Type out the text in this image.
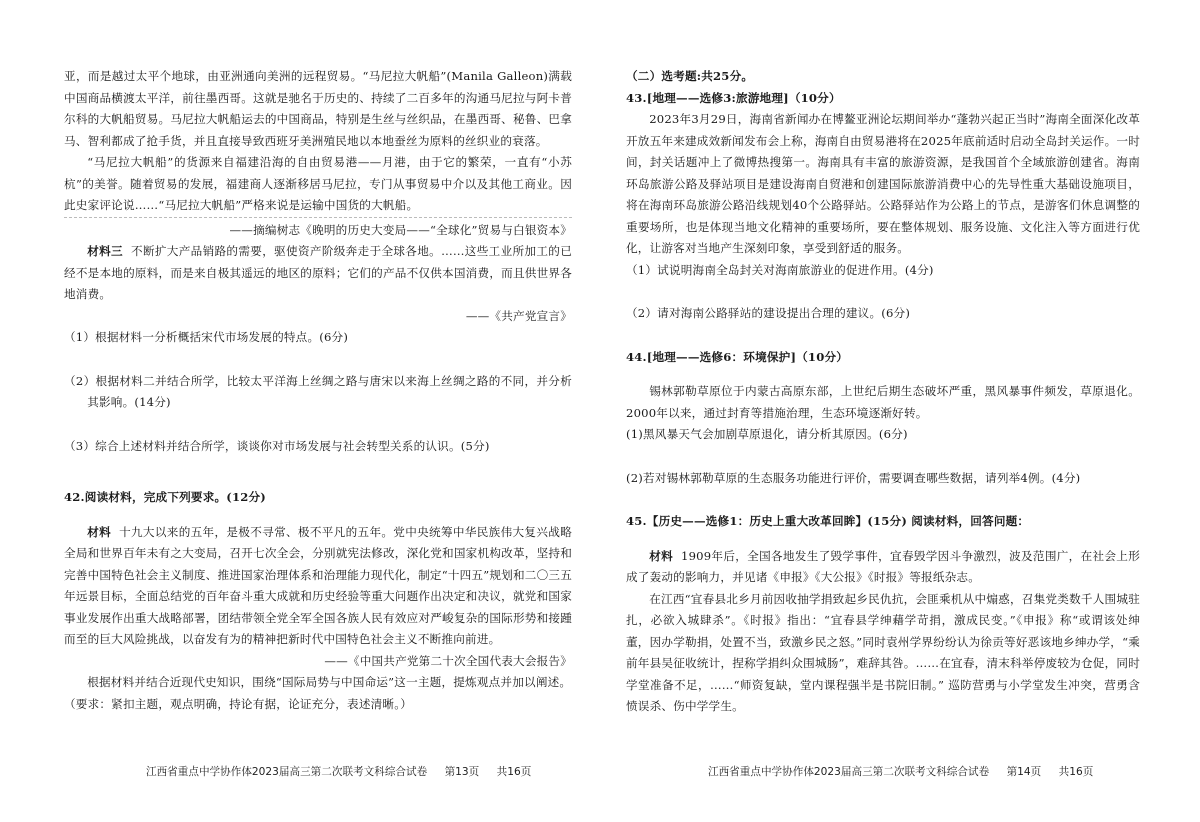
亚，而是越过太平个地球，由亚洲通向美洲的远程贸易。“马尼拉大帆船”(Manila Galleon)满载中国商品横渡太平洋，前往墨西哥。这就是驰名于历史的、持续了二百多年的沟通马尼拉与阿卡普尔科的大帆船贸易。马尼拉大帆船运去的中国商品，特别是生丝与丝织品，在墨西哥、秘鲁、巴拿马、智利都成了抢手货，并且直接导致西班牙美洲殖民地以本地蚕丝为原料的丝织业的衰落。

“马尼拉大帆船”的货源来自福建沿海的自由贸易港——月港，由于它的繁荣，一直有“小苏杭”的美誉。随着贸易的发展，福建商人逐渐移居马尼拉，专门从事贸易中介以及其他工商业。因此史家评论说……“马尼拉大帆船”严格来说是运输中国货的大帆船。

——摘编树志《晚明的历史大变局——“全球化”贸易与白银资本》

材料三 不断扩大产品销路的需要，驱使资产阶级奔走于全球各地。……这些工业所加工的已经不是本地的原料，而是来自极其遥远的地区的原料；它们的产品不仅供本国消费，而且供世界各地消费。

——《共产党宣言》

（1）根据材料一分析概括宋代市场发展的特点。(6分)

（2）根据材料二并结合所学，比较太平洋海上丝绸之路与唐宋以来海上丝绸之路的不同，并分析其影响。(14分)

（3）综合上述材料并结合所学，谈谈你对市场发展与社会转型关系的认识。(5分)

42.阅读材料，完成下列要求。(12分)

材料 十九大以来的五年，是极不寻常、极不平凡的五年。党中央统筹中华民族伟大复兴战略全局和世界百年未有之大变局，召开七次全会，分别就宪法修改，深化党和国家机构改革，坚持和完善中国特色社会主义制度、推进国家治理体系和治理能力现代化，制定“十四五”规划和二〇三五年远景目标，全面总结党的百年奋斗重大成就和历史经验等重大问题作出决定和决议，就党和国家事业发展作出重大战略部署，团结带领全党全军全国各族人民有效应对严峻复杂的国际形势和接踵而至的巨大风险挑战，以奋发有为的精神把新时代中国特色社会主义不断推向前进。

——《中国共产党第二十次全国代表大会报告》

根据材料并结合近现代史知识，围绕“国际局势与中国命运”这一主题，提炼观点并加以阐述。

（要求：紧扣主题，观点明确，持论有据，论证充分，表述清晰。）

（二）选考题:共25分。

43.[地理——选修3:旅游地理]（10分）

2023年3月29日，海南省新闻办在博鳌亚洲论坛期间举办“蓬勃兴起正当时”海南全面深化改革开放五年来建成效新闻发布会上称，海南自由贸易港将在2025年底前适时启动全岛封关运作。一时间，封关话题冲上了微博热搜第一。海南具有丰富的旅游资源，是我国首个全域旅游创建省。海南环岛旅游公路及驿站项目是建设海南自贸港和创建国际旅游消费中心的先导性重大基础设施项目，将在海南环岛旅游公路沿线规划40个公路驿站。公路驿站作为公路上的节点，是游客们休息调整的重要场所，也是体现当地文化精神的重要场所，要在整体规划、服务设施、文化注入等方面进行优化，让游客对当地产生深刻印象，享受到舒适的服务。

（1）试说明海南全岛封关对海南旅游业的促进作用。(4分)

（2）请对海南公路驿站的建设提出合理的建议。(6分)

44.[地理——选修6：环境保护]（10分）

锡林郭勒草原位于内蒙古高原东部，上世纪后期生态破坏严重，黑风暴事件频发，草原退化。2000年以来，通过封育等措施治理，生态环境逐渐好转。

(1)黑风暴天气会加剧草原退化，请分析其原因。(6分)

(2)若对锡林郭勒草原的生态服务功能进行评价，需要调查哪些数据，请列举4例。(4分)

45.【历史——选修1：历史上重大改革回眸】(15分) 阅读材料，回答问题：

材料 1909年后，全国各地发生了毁学事件，宜春毁学因斗争激烈，波及范围广，在社会上形成了轰动的影响力，并见诸《申报》《大公报》《时报》等报纸杂志。

在江西“宜春县北乡月前因收抽学捐致起乡民仇抗，会匪乘机从中煽惑，召集党类数千人围城驻扎，必欲入城肆杀”。《时报》指出：“宜春县学绅藉学苛捐，激成民变。”《申报》称“或谓该处绅董，因办学勒捐，处置不当，致激乡民之怒。”同时袁州学界纷纷认为徐贡等好恶该地乡绅办学，“乘前年县吴征收统计，捏称学捐纠众围城肠”，难辞其咎。……在宜春，清末科举停废较为仓促，同时学堂准备不足，……“师资复缺，堂内课程强半是书院旧制。” 巡防营勇与小学堂发生冲突，营勇含愤误杀、伤中学学生。

江西省重点中学协作体2023届高三第二次联考文科综合试卷 第13页 共16页	江西省重点中学协作体2023届高三第二次联考文科综合试卷 第14页 共16页
